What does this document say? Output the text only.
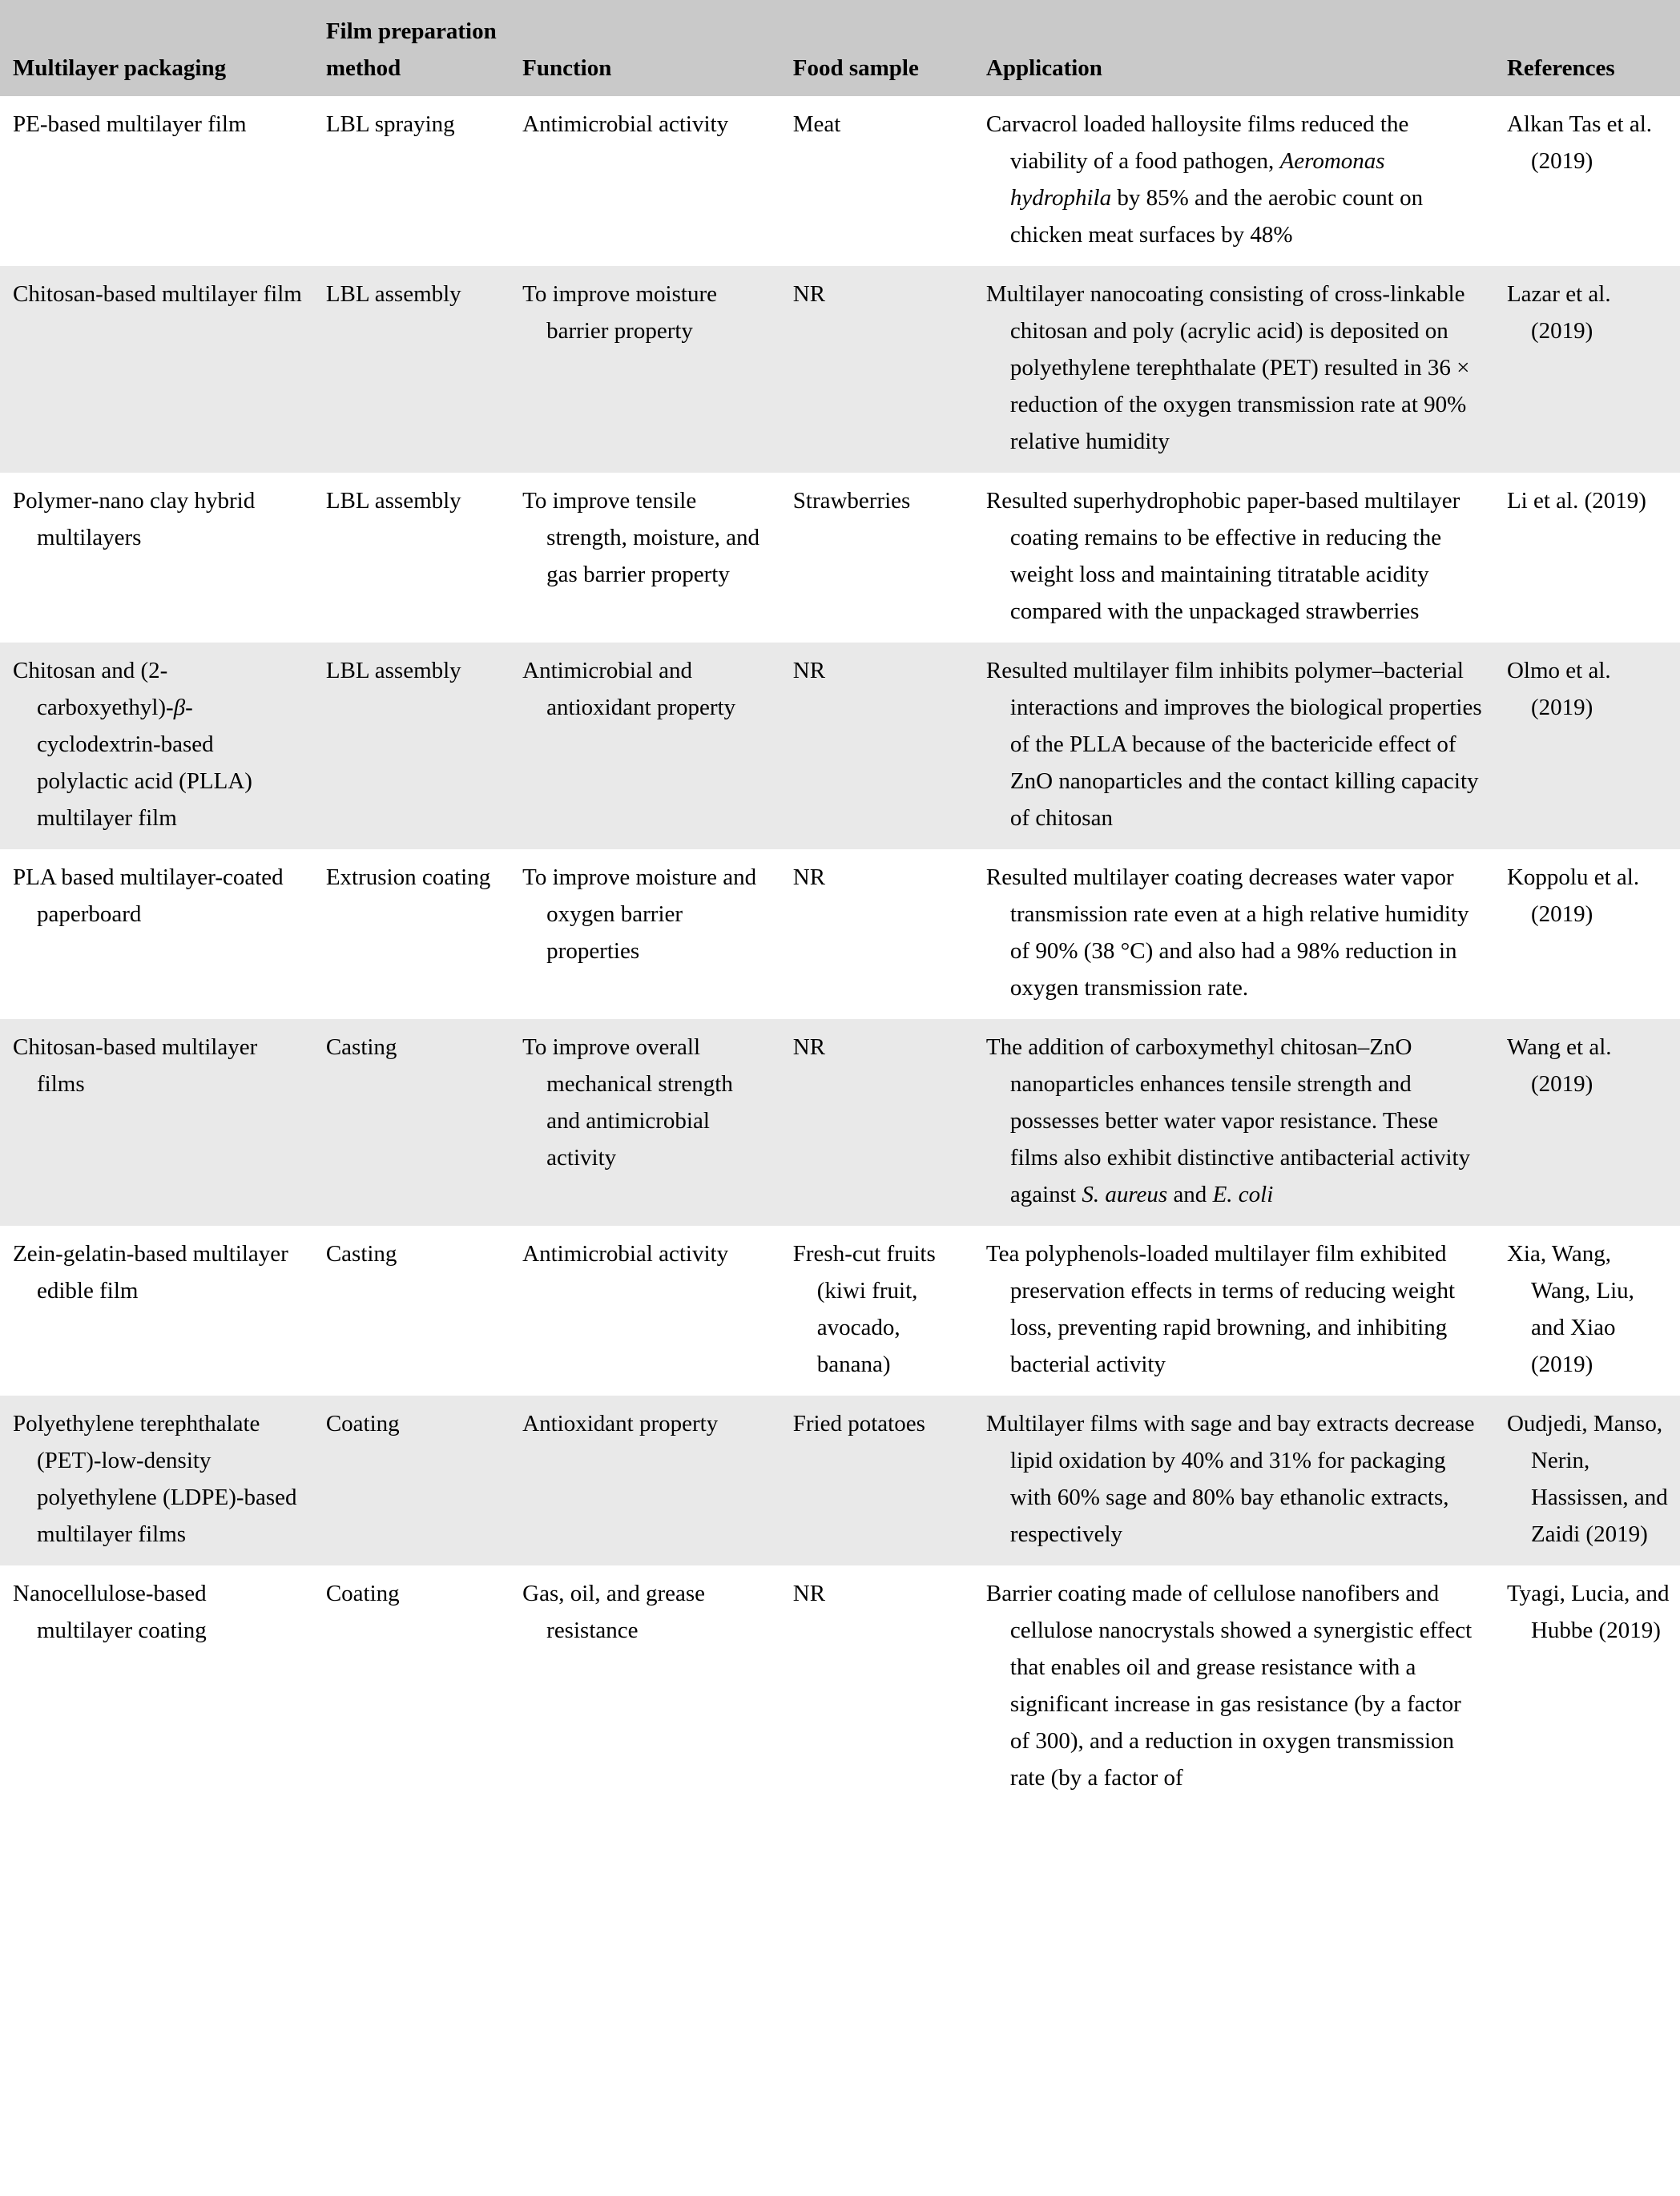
Multilayer packaging	Film preparation method	Function	Food sample	Application	References

PE-based multilayer film	LBL spraying	Antimicrobial activity	Meat	Carvacrol loaded halloysite films reduced the viability of a food pathogen, Aeromonas hydrophila by 85% and the aerobic count on chicken meat surfaces by 48%	Alkan Tas et al. (2019)

Chitosan-based multilayer film	LBL assembly	To improve moisture barrier property	NR	Multilayer nanocoating consisting of cross-linkable chitosan and poly (acrylic acid) is deposited on polyethylene terephthalate (PET) resulted in 36 × reduction of the oxygen transmission rate at 90% relative humidity	Lazar et al. (2019)

Polymer-nano clay hybrid multilayers	LBL assembly	To improve tensile strength, moisture, and gas barrier property	Strawberries	Resulted superhydrophobic paper-based multilayer coating remains to be effective in reducing the weight loss and maintaining titratable acidity compared with the unpackaged strawberries	Li et al. (2019)

Chitosan and (2-carboxyethyl)-β-cyclodextrin-based polylactic acid (PLLA) multilayer film	LBL assembly	Antimicrobial and antioxidant property	NR	Resulted multilayer film inhibits polymer–bacterial interactions and improves the biological properties of the PLLA because of the bactericide effect of ZnO nanoparticles and the contact killing capacity of chitosan	Olmo et al. (2019)

PLA based multilayer-coated paperboard	Extrusion coating	To improve moisture and oxygen barrier properties	NR	Resulted multilayer coating decreases water vapor transmission rate even at a high relative humidity of 90% (38 °C) and also had a 98% reduction in oxygen transmission rate.	Koppolu et al. (2019)

Chitosan-based multilayer films	Casting	To improve overall mechanical strength and antimicrobial activity	NR	The addition of carboxymethyl chitosan–ZnO nanoparticles enhances tensile strength and possesses better water vapor resistance. These films also exhibit distinctive antibacterial activity against S. aureus and E. coli	Wang et al. (2019)

Zein-gelatin-based multilayer edible film	Casting	Antimicrobial activity	Fresh-cut fruits (kiwi fruit, avocado, banana)	Tea polyphenols-loaded multilayer film exhibited preservation effects in terms of reducing weight loss, preventing rapid browning, and inhibiting bacterial activity	Xia, Wang, Wang, Liu, and Xiao (2019)

Polyethylene terephthalate (PET)-low-density polyethylene (LDPE)-based multilayer films	Coating	Antioxidant property	Fried potatoes	Multilayer films with sage and bay extracts decrease lipid oxidation by 40% and 31% for packaging with 60% sage and 80% bay ethanolic extracts, respectively	Oudjedi, Manso, Nerin, Hassissen, and Zaidi (2019)

Nanocellulose-based multilayer coating	Coating	Gas, oil, and grease resistance	NR	Barrier coating made of cellulose nanofibers and cellulose nanocrystals showed a synergistic effect that enables oil and grease resistance with a significant increase in gas resistance (by a factor of 300), and a reduction in oxygen transmission rate (by a factor of	Tyagi, Lucia, and Hubbe (2019)
